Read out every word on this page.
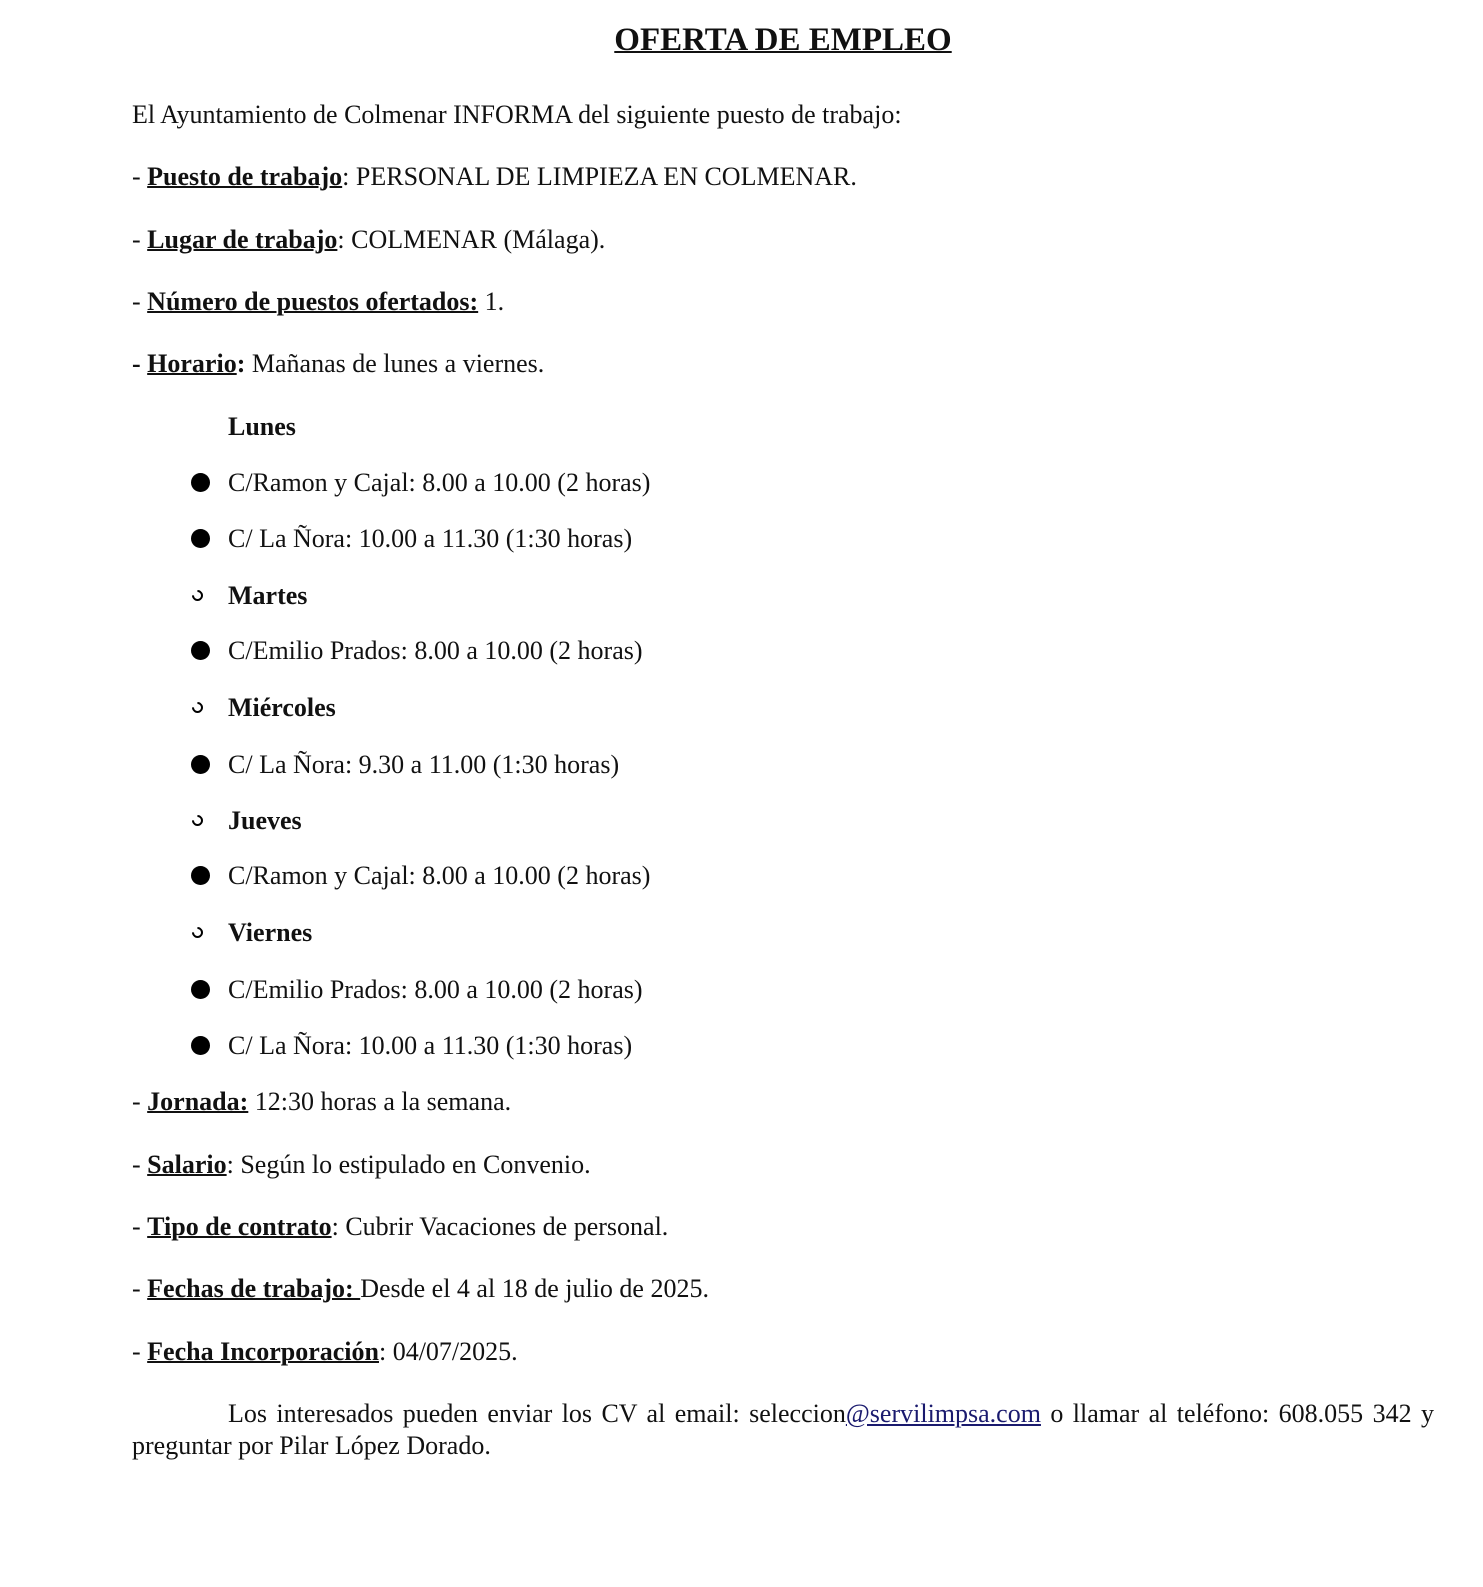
OFERTA DE EMPLEO
El Ayuntamiento de Colmenar INFORMA del siguiente puesto de trabajo:
- Puesto de trabajo: PERSONAL DE LIMPIEZA EN COLMENAR.
- Lugar de trabajo: COLMENAR (Málaga).
- Número de puestos ofertados: 1.
- Horario: Mañanas de lunes a viernes.
Lunes
C/Ramon y Cajal: 8.00 a 10.00 (2 horas)
C/ La Ñora: 10.00 a 11.30 (1:30 horas)
Martes
C/Emilio Prados: 8.00 a 10.00 (2 horas)
Miércoles
C/ La Ñora: 9.30 a 11.00 (1:30 horas)
Jueves
C/Ramon y Cajal: 8.00 a 10.00 (2 horas)
Viernes
C/Emilio Prados: 8.00 a 10.00 (2 horas)
C/ La Ñora: 10.00 a 11.30 (1:30 horas)
- Jornada: 12:30 horas a la semana.
- Salario: Según lo estipulado en Convenio.
- Tipo de contrato: Cubrir Vacaciones de personal.
- Fechas de trabajo: Desde el 4 al 18 de julio de 2025.
- Fecha Incorporación: 04/07/2025.
Los interesados pueden enviar los CV al email: seleccion@servilimpsa.com o llamar al teléfono: 608.055 342 y preguntar por Pilar López Dorado.
